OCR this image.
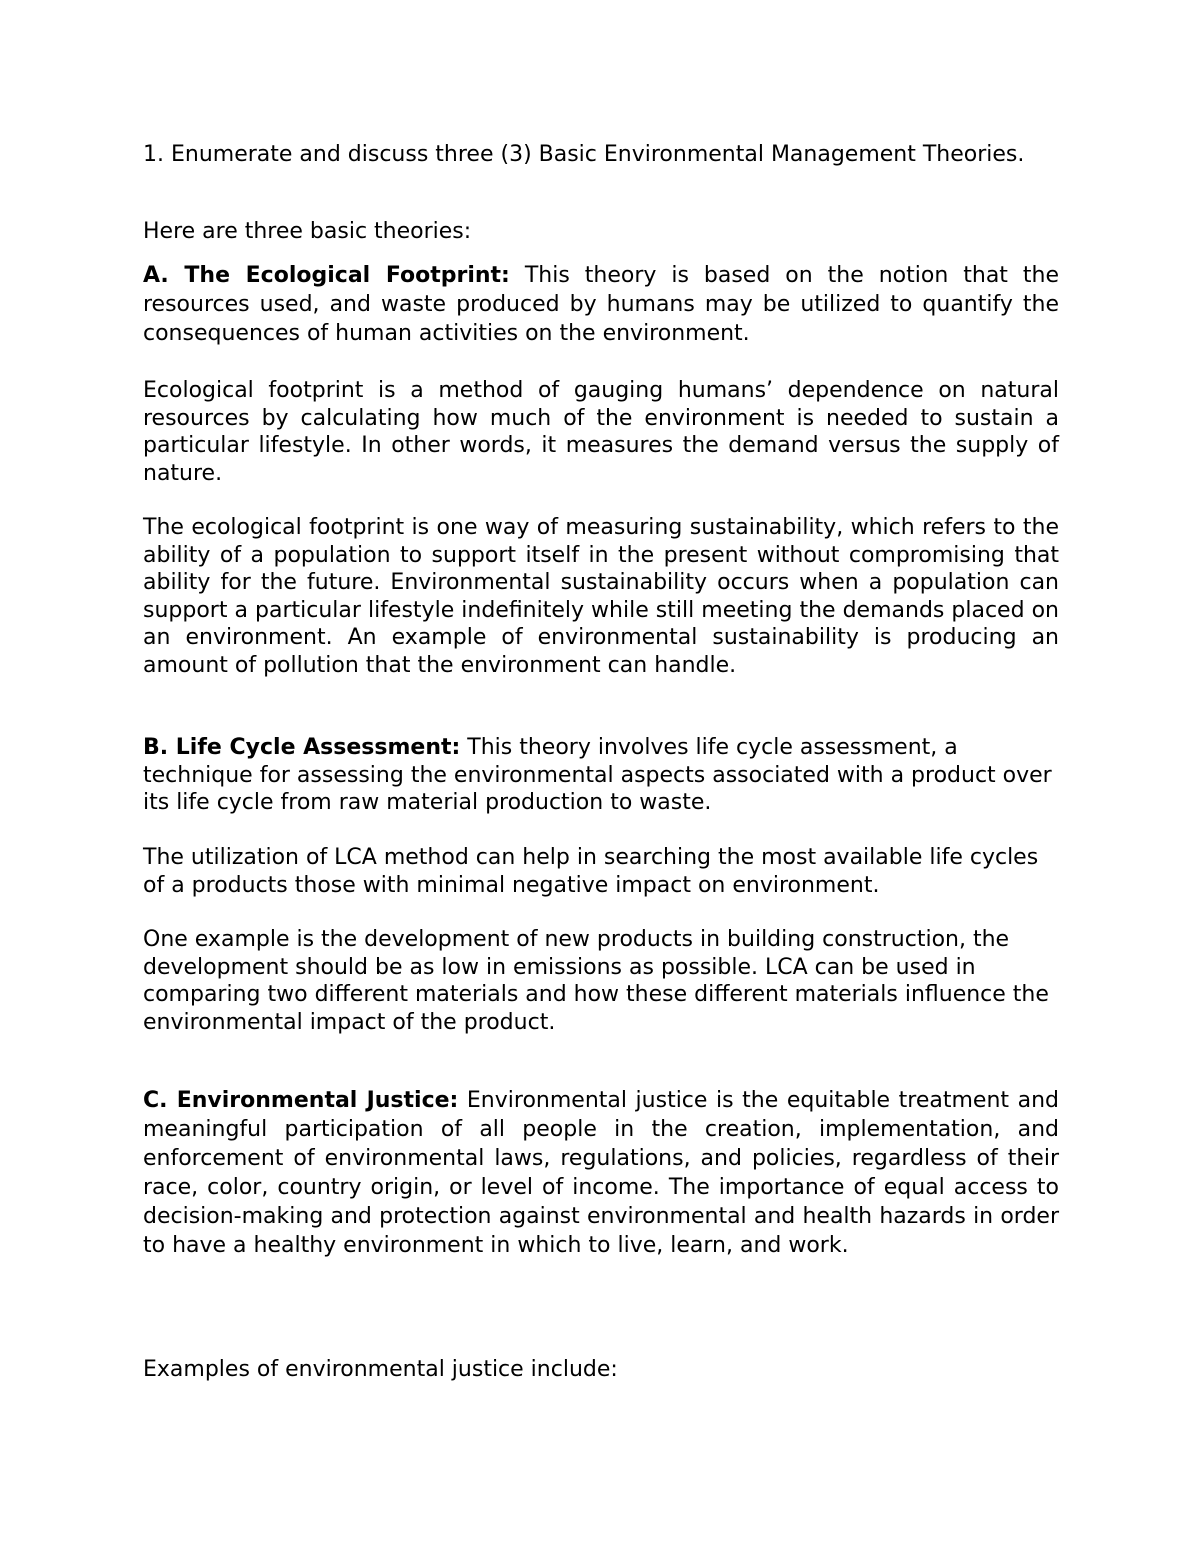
1. Enumerate and discuss three (3) Basic Environmental Management Theories.

Here are three basic theories:

A. The Ecological Footprint: This theory is based on the notion that the resources used, and waste produced by humans may be utilized to quantify the consequences of human activities on the environment.

Ecological footprint is a method of gauging humans’ dependence on natural resources by calculating how much of the environment is needed to sustain a particular lifestyle. In other words, it measures the demand versus the supply of nature.

The ecological footprint is one way of measuring sustainability, which refers to the ability of a population to support itself in the present without compromising that ability for the future. Environmental sustainability occurs when a population can support a particular lifestyle indefinitely while still meeting the demands placed on an environment. An example of environmental sustainability is producing an amount of pollution that the environment can handle.

B. Life Cycle Assessment: This theory involves life cycle assessment, a technique for assessing the environmental aspects associated with a product over its life cycle from raw material production to waste.

The utilization of LCA method can help in searching the most available life cycles of a products those with minimal negative impact on environment.

One example is the development of new products in building construction, the development should be as low in emissions as possible. LCA can be used in comparing two different materials and how these different materials influence the environmental impact of the product.

C. Environmental Justice: Environmental justice is the equitable treatment and meaningful participation of all people in the creation, implementation, and enforcement of environmental laws, regulations, and policies, regardless of their race, color, country origin, or level of income. The importance of equal access to decision-making and protection against environmental and health hazards in order to have a healthy environment in which to live, learn, and work.

Examples of environmental justice include:
